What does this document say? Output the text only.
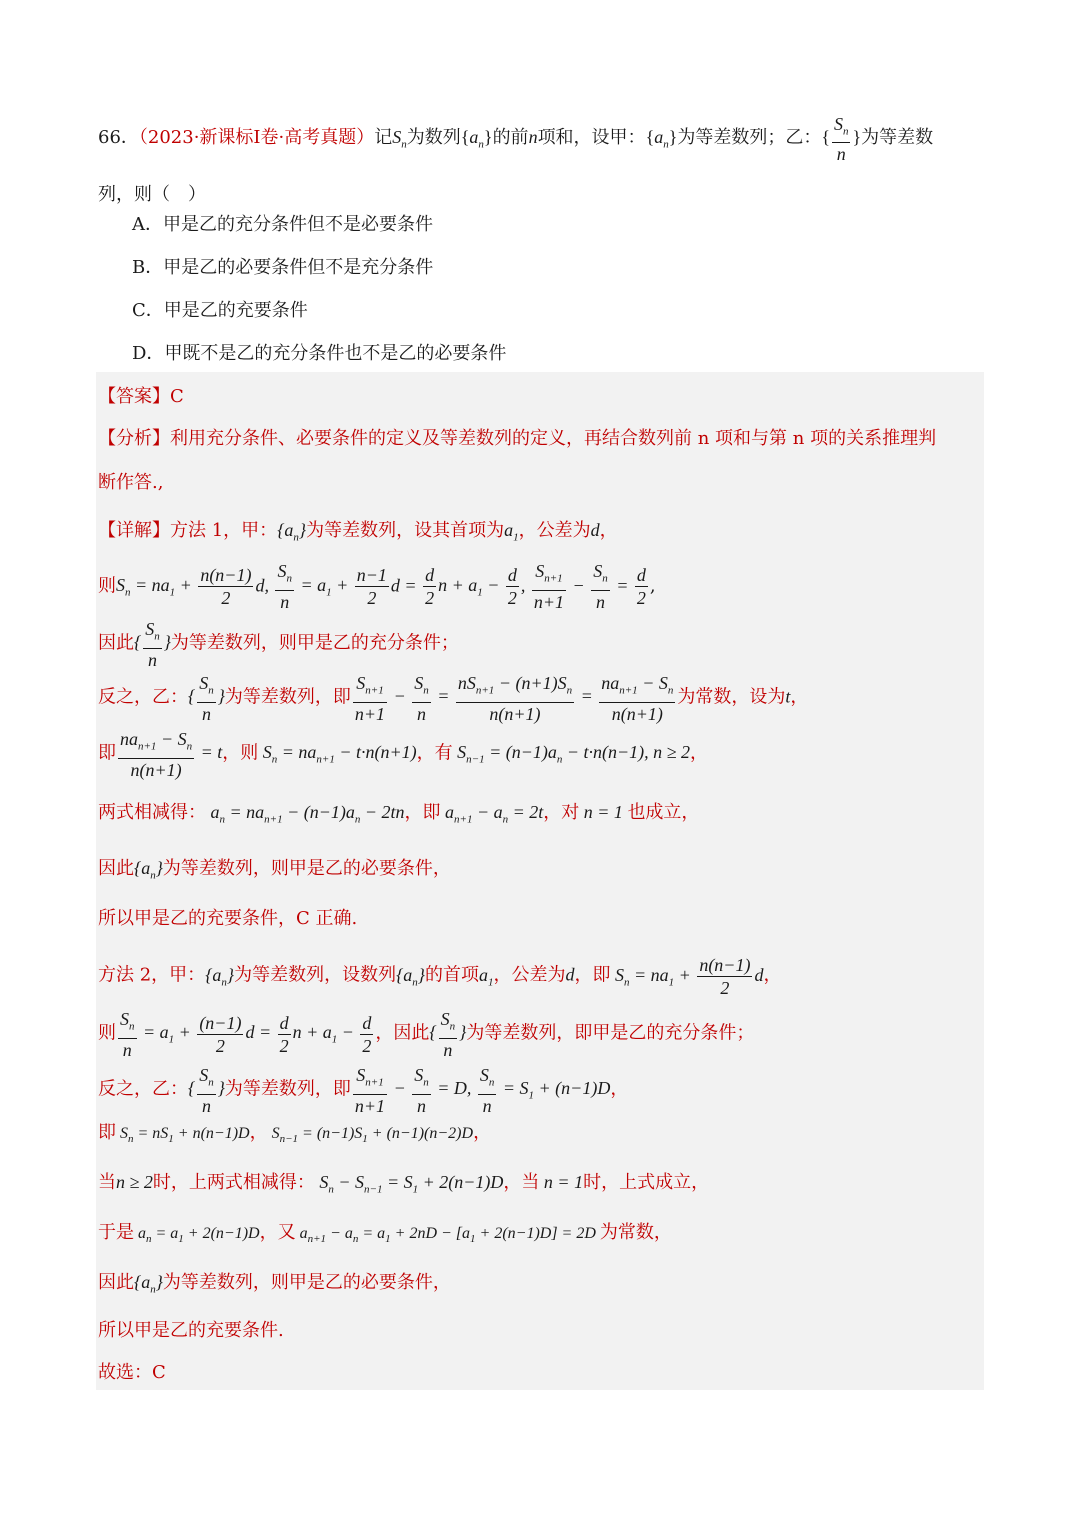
66．（2023·新课标I卷·高考真题）记$S_n$为数列$\{a_n\}$的前n项和，设甲：$\{a_n\}$为等差数列；乙：{ $\frac{S_n}{n}$ }为等差数
列，则（　）
A．甲是乙的充分条件但不是必要条件
B．甲是乙的必要条件但不是充分条件
C．甲是乙的充要条件
D．甲既不是乙的充分条件也不是乙的必要条件
【答案】C
【分析】利用充分条件、必要条件的定义及等差数列的定义，再结合数列前 n 项和与第 n 项的关系推理判
断作答.,
【详解】方法 1，甲：$\{a_n\}$为等差数列，设其首项为$a_1$，公差为d，
则$S_n = na_1 + \frac{n(n-1)}{2} d$, $\frac{S_n}{n} = a_1 + \frac{n-1}{2}$ $d = \frac{d}{2}$ $n + a_1 - \frac{d}{2}$ , $\frac{S_{n+1}}{n+1} - \frac{S_n}{n} = \frac{d}{2}$ ,
因此{ $\frac{S_n}{n}$ }为等差数列，则甲是乙的充分条件；
反之，乙：{ $\frac{S_n}{n}$ }为等差数列，即 $\frac{S_{n+1}}{n+1} - \frac{S_n}{n} = \frac{nS_{n+1} - (n+1)S_n}{n(n+1)} = \frac{na_{n+1} - S_n}{n(n+1)}$ 为常数，设为t，
即 $\frac{na_{n+1} - S_n}{n(n+1)} = t$，则 $S_n = na_{n+1} - t\cdot n(n+1)$，有 $S_{n-1} = (n-1)a_n - t\cdot n(n-1)$, n ≥ 2，
两式相减得： $a_n = na_{n+1} - (n-1)a_n - 2tn$，即 $a_{n+1} - a_n = 2t$，对 n = 1 也成立，
因此$\{a_n\}$为等差数列，则甲是乙的必要条件，
所以甲是乙的充要条件，C 正确.
方法 2，甲：$\{a_n\}$为等差数列，设数列$\{a_n\}$的首项$a_1$，公差为d，即 $S_n = na_1 + \frac{n(n-1)}{2}$ d，
则 $\frac{S_n}{n} = a_1 + \frac{(n-1)}{2}$ $d = \frac{d}{2}$ $n + a_1 - \frac{d}{2}$ ，因此{ $\frac{S_n}{n}$ }为等差数列，即甲是乙的充分条件；
反之，乙：{ $\frac{S_n}{n}$ }为等差数列，即 $\frac{S_{n+1}}{n+1} - \frac{S_n}{n} = D$, $\frac{S_n}{n} = S_1 + (n-1)D$，
即 $S_n = nS_1 + n(n-1)D$， $S_{n-1} = (n-1)S_1 + (n-1)(n-2)D$，
当n ≥ 2时，上两式相减得： $S_n - S_{n-1} = S_1 + 2(n-1)D$，当 n = 1时，上式成立，
于是 $a_n = a_1 + 2(n-1)D$，又 $a_{n+1} - a_n = a_1 + 2nD - [a_1 + 2(n-1)D] = 2D$ 为常数，
因此$\{a_n\}$为等差数列，则甲是乙的必要条件，
所以甲是乙的充要条件.
故选：C
